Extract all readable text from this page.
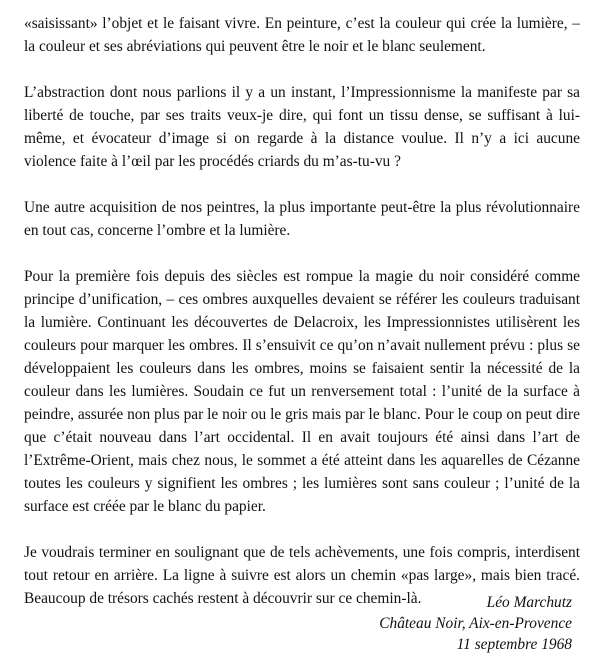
«saisissant» l’objet et le faisant vivre. En peinture, c’est la couleur qui crée la lumière, – la couleur et ses abréviations qui peuvent être le noir et le blanc seulement.

L’abstraction dont nous parlions il y a un instant, l’Impressionnisme la manifeste par sa liberté de touche, par ses traits veux-je dire, qui font un tissu dense, se suffisant à lui-même, et évocateur d’image si on regarde à la distance voulue. Il n’y a ici aucune violence faite à l’œil par les procédés criards du m’as-tu-vu ?

Une autre acquisition de nos peintres, la plus importante peut-être la plus révolutionnaire en tout cas, concerne l’ombre et la lumière.

Pour la première fois depuis des siècles est rompue la magie du noir considéré comme principe d’unification, – ces ombres auxquelles devaient se référer les couleurs traduisant la lumière. Continuant les découvertes de Delacroix, les Impressionnistes utilisèrent les couleurs pour marquer les ombres. Il s’ensuivit ce qu’on n’avait nullement prévu : plus se développaient les couleurs dans les ombres, moins se faisaient sentir la nécessité de la couleur dans les lumières. Soudain ce fut un renversement total : l’unité de la surface à peindre, assurée non plus par le noir ou le gris mais par le blanc. Pour le coup on peut dire que c’était nouveau dans l’art occidental. Il en avait toujours été ainsi dans l’art de l’Extrême-Orient, mais chez nous, le sommet a été atteint dans les aquarelles de Cézanne toutes les couleurs y signifient les ombres ; les lumières sont sans couleur ; l’unité de la surface est créée par le blanc du papier.

Je voudrais terminer en soulignant que de tels achèvements, une fois compris, interdisent tout retour en arrière. La ligne à suivre est alors un chemin «pas large», mais bien tracé. Beaucoup de trésors cachés restent à découvrir sur ce chemin-là.	Léo Marchutz
Château Noir, Aix-en-Provence
11 septembre 1968
